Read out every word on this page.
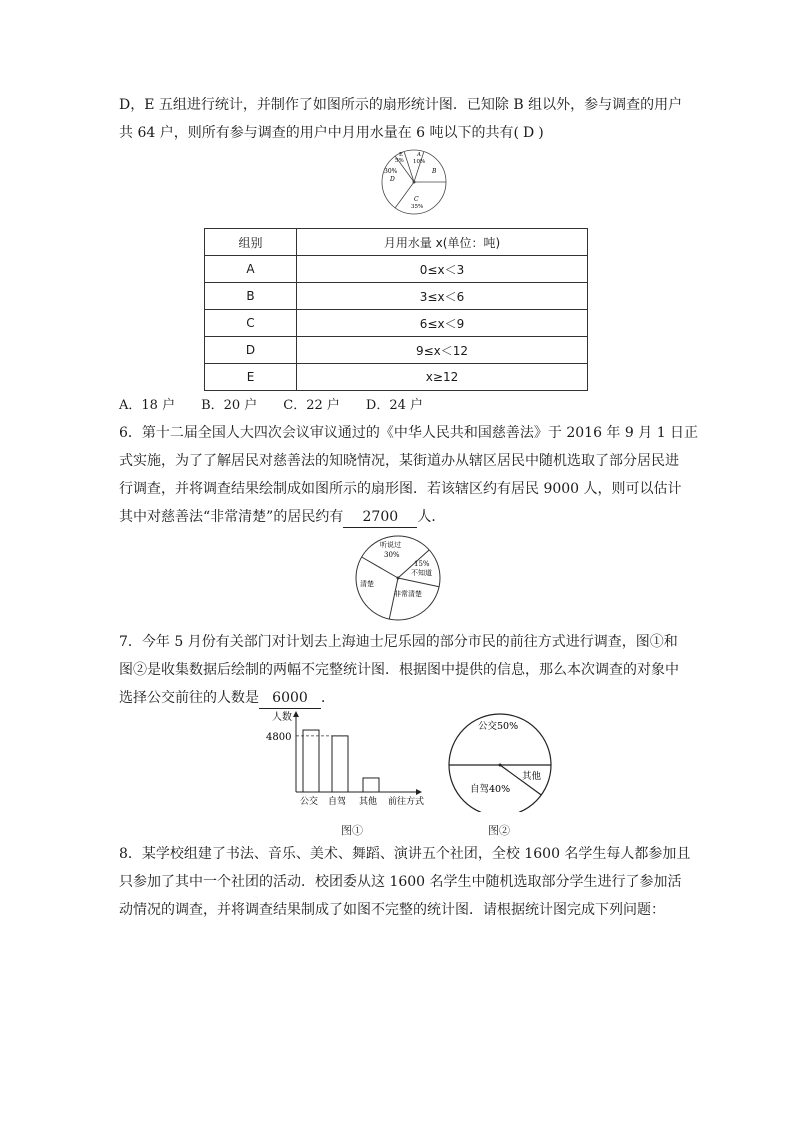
D，E 五组进行统计，并制作了如图所示的扇形统计图．已知除 B 组以外，参与调查的用户
共 64 户，则所有参与调查的用户中月用水量在 6 吨以下的共有( D )
E
5%
A
10%
B
C
35%
30%
D
组别	月用水量 x(单位：吨)
A	0≤x＜3
B	3≤x＜6
C	6≤x＜9
D	9≤x＜12
E	x≥12
A．18 户　　B．20 户　　C．22 户　　D．24 户
6．第十二届全国人大四次会议审议通过的《中华人民共和国慈善法》于 2016 年 9 月 1 日正
式实施，为了了解居民对慈善法的知晓情况，某街道办从辖区居民中随机选取了部分居民进
行调查，并将调查结果绘制成如图所示的扇形图．若该辖区约有居民 9000 人，则可以估计
其中对慈善法“非常清楚”的居民约有 2700 人．
听说过
30%
15%
不知道
清楚
非常清楚
7．今年 5 月份有关部门对计划去上海迪士尼乐园的部分市民的前往方式进行调查，图①和
图②是收集数据后绘制的两幅不完整统计图．根据图中提供的信息，那么本次调查的对象中
选择公交前往的人数是 6000 ．
人数
4800
公交 自驾 其他 前往方式
图①
公交50%
其他
自驾40%
图②
8．某学校组建了书法、音乐、美术、舞蹈、演讲五个社团，全校 1600 名学生每人都参加且
只参加了其中一个社团的活动．校团委从这 1600 名学生中随机选取部分学生进行了参加活
动情况的调查，并将调查结果制成了如图不完整的统计图．请根据统计图完成下列问题：
